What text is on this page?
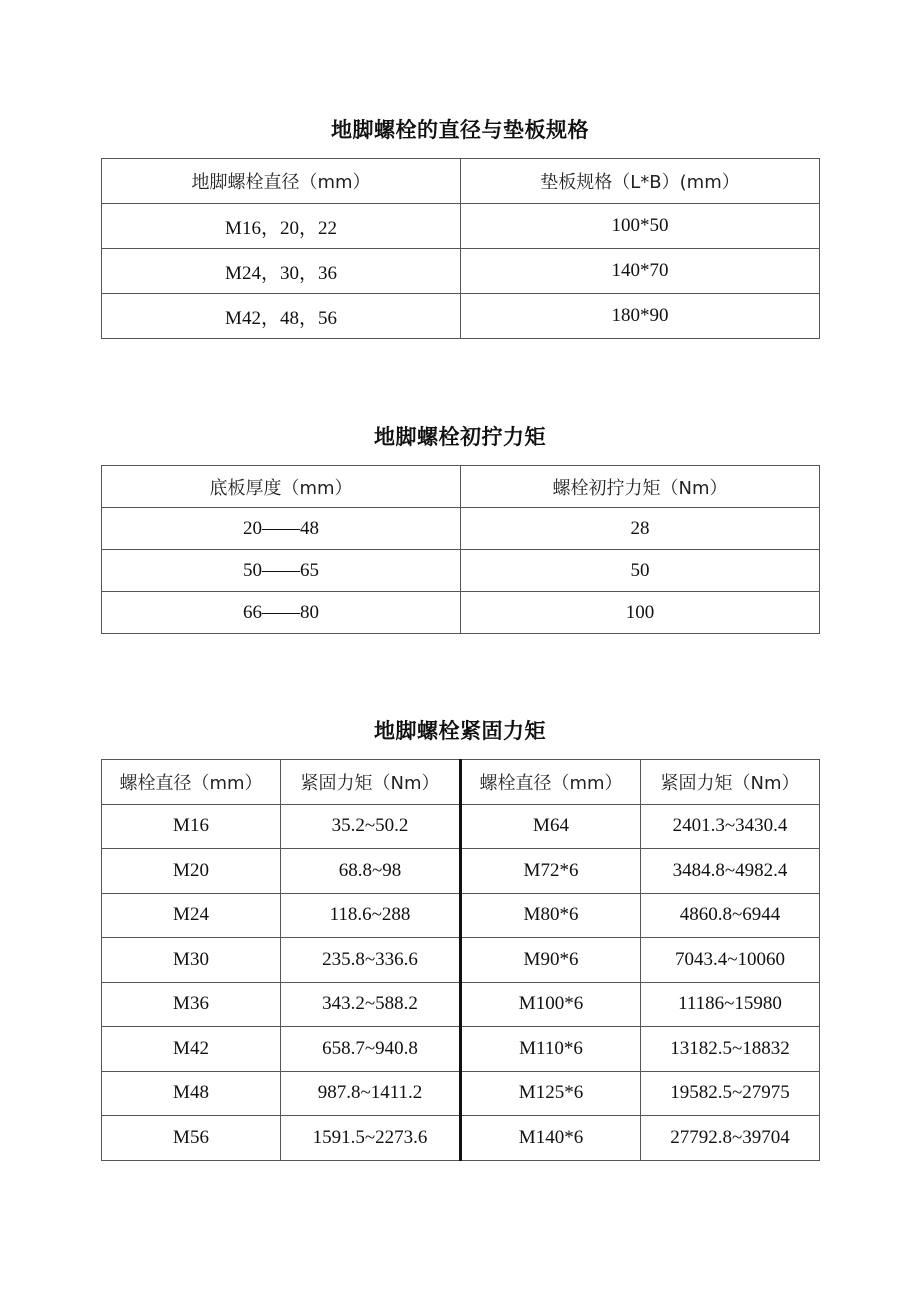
地脚螺栓的直径与垫板规格
地脚螺栓直径（mm）	垫板规格（L*B）(mm）
M16，20，22	100*50
M24，30，36	140*70
M42，48，56	180*90
地脚螺栓初拧力矩
底板厚度（mm）	螺栓初拧力矩（Nm）
20——48	28
50——65	50
66——80	100
地脚螺栓紧固力矩
螺栓直径（mm）	紧固力矩（Nm）	螺栓直径（mm）	紧固力矩（Nm）
M16	35.2~50.2	M64	2401.3~3430.4
M20	68.8~98	M72*6	3484.8~4982.4
M24	118.6~288	M80*6	4860.8~6944
M30	235.8~336.6	M90*6	7043.4~10060
M36	343.2~588.2	M100*6	11186~15980
M42	658.7~940.8	M110*6	13182.5~18832
M48	987.8~1411.2	M125*6	19582.5~27975
M56	1591.5~2273.6	M140*6	27792.8~39704
